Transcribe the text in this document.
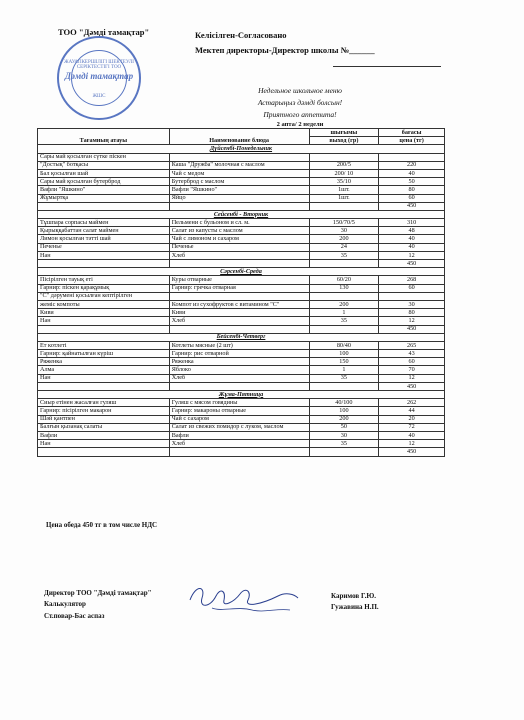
ТОО "Дәмді тамақтар"	Келісілген-Согласовано
Мектеп директоры-Директор школы №______
ЖАУАПКЕРШІЛІГІ ШЕКТЕУЛІ СЕРІКТЕСТІГІ ТОО
Дәмді тамақтар
ЖШС
Недельное школьное меню
Астарыңыз дәмді болсын!
Приятного аппетита!
2 апта/ 2 недели
Тағамның атауы	Наименование блюда	шығымы	бағасы
		выход (гр)	цена (тг)
Дүйсенбі-Понедельник			
Сары май қосылған сүтке піскен			
"Достық" ботқасы	Каша "Дружба" молочная с маслом	200/5	220
Бал қосылған шай	Чай с медом	200/ 10	40
Сары май қосылған бутерброд	Бутерброд с маслом	35/10	50
Вафли "Яшкино"	Вафли "Яшкино"	1шт.	80
Жұмыртқа	Яйцо	1шт.	60
			450
Сейсенбі - Вторник			
Тұшпара сорпасы маймен	Пельмени с бульоном и сл. м.	150/70/5	310
Қырыққабаттан салат маймен	Салат из капусты с маслом	30	48
Лимон қосылған тәтті шай	Чай с лимоном и сахаром	200	40
Печенье	Печенье	24	40
Нан	Хлеб	35	12
			450
Сәрсенбі-Среда			
Пісірілген тауық еті	Куры отварные	60/20	268
Гарнир: піскен қарақұмық	Гарнир: гречка отварная	130	60
"С" дәрумені қосылған кептірілген			
жеміс компоты	Компот из сухофруктов с витамином "С"	200	30
Киви	Киви	1	80
Нан	Хлеб	35	12
			450
Бейсенбі-Четверг			
Ет котлеті	Котлеты мясные (2 шт)	80/40	265
Гарнир: қайнатылған күріш	Гарнир: рис отварной	100	43
Ряженка	Ряженка	150	60
Алма	Яблоко	1	70
Нан	Хлеб	35	12
			450
Жұма-Пятница			
Сиыр етінен жасалған гуляш	Гуляш с мясом говядины	40/100	262
Гарнир: пісірілген макарон	Гарнир: макароны отварные	100	44
Шәй қантпен	Чай с сахаром	200	20
Балғын қызанақ салаты	Салат из свежих помидор с луком, маслом	50	72
Вафли	Вафли	30	40
Нан	Хлеб	35	12
			450
Цена обеда 450 тг в том числе НДС
Директор ТОО "Дәмді тамақтар"
Калькулятор
Ст.повар-Бас аспаз
Каримов Г.Ю.
Гужавина Н.П.
